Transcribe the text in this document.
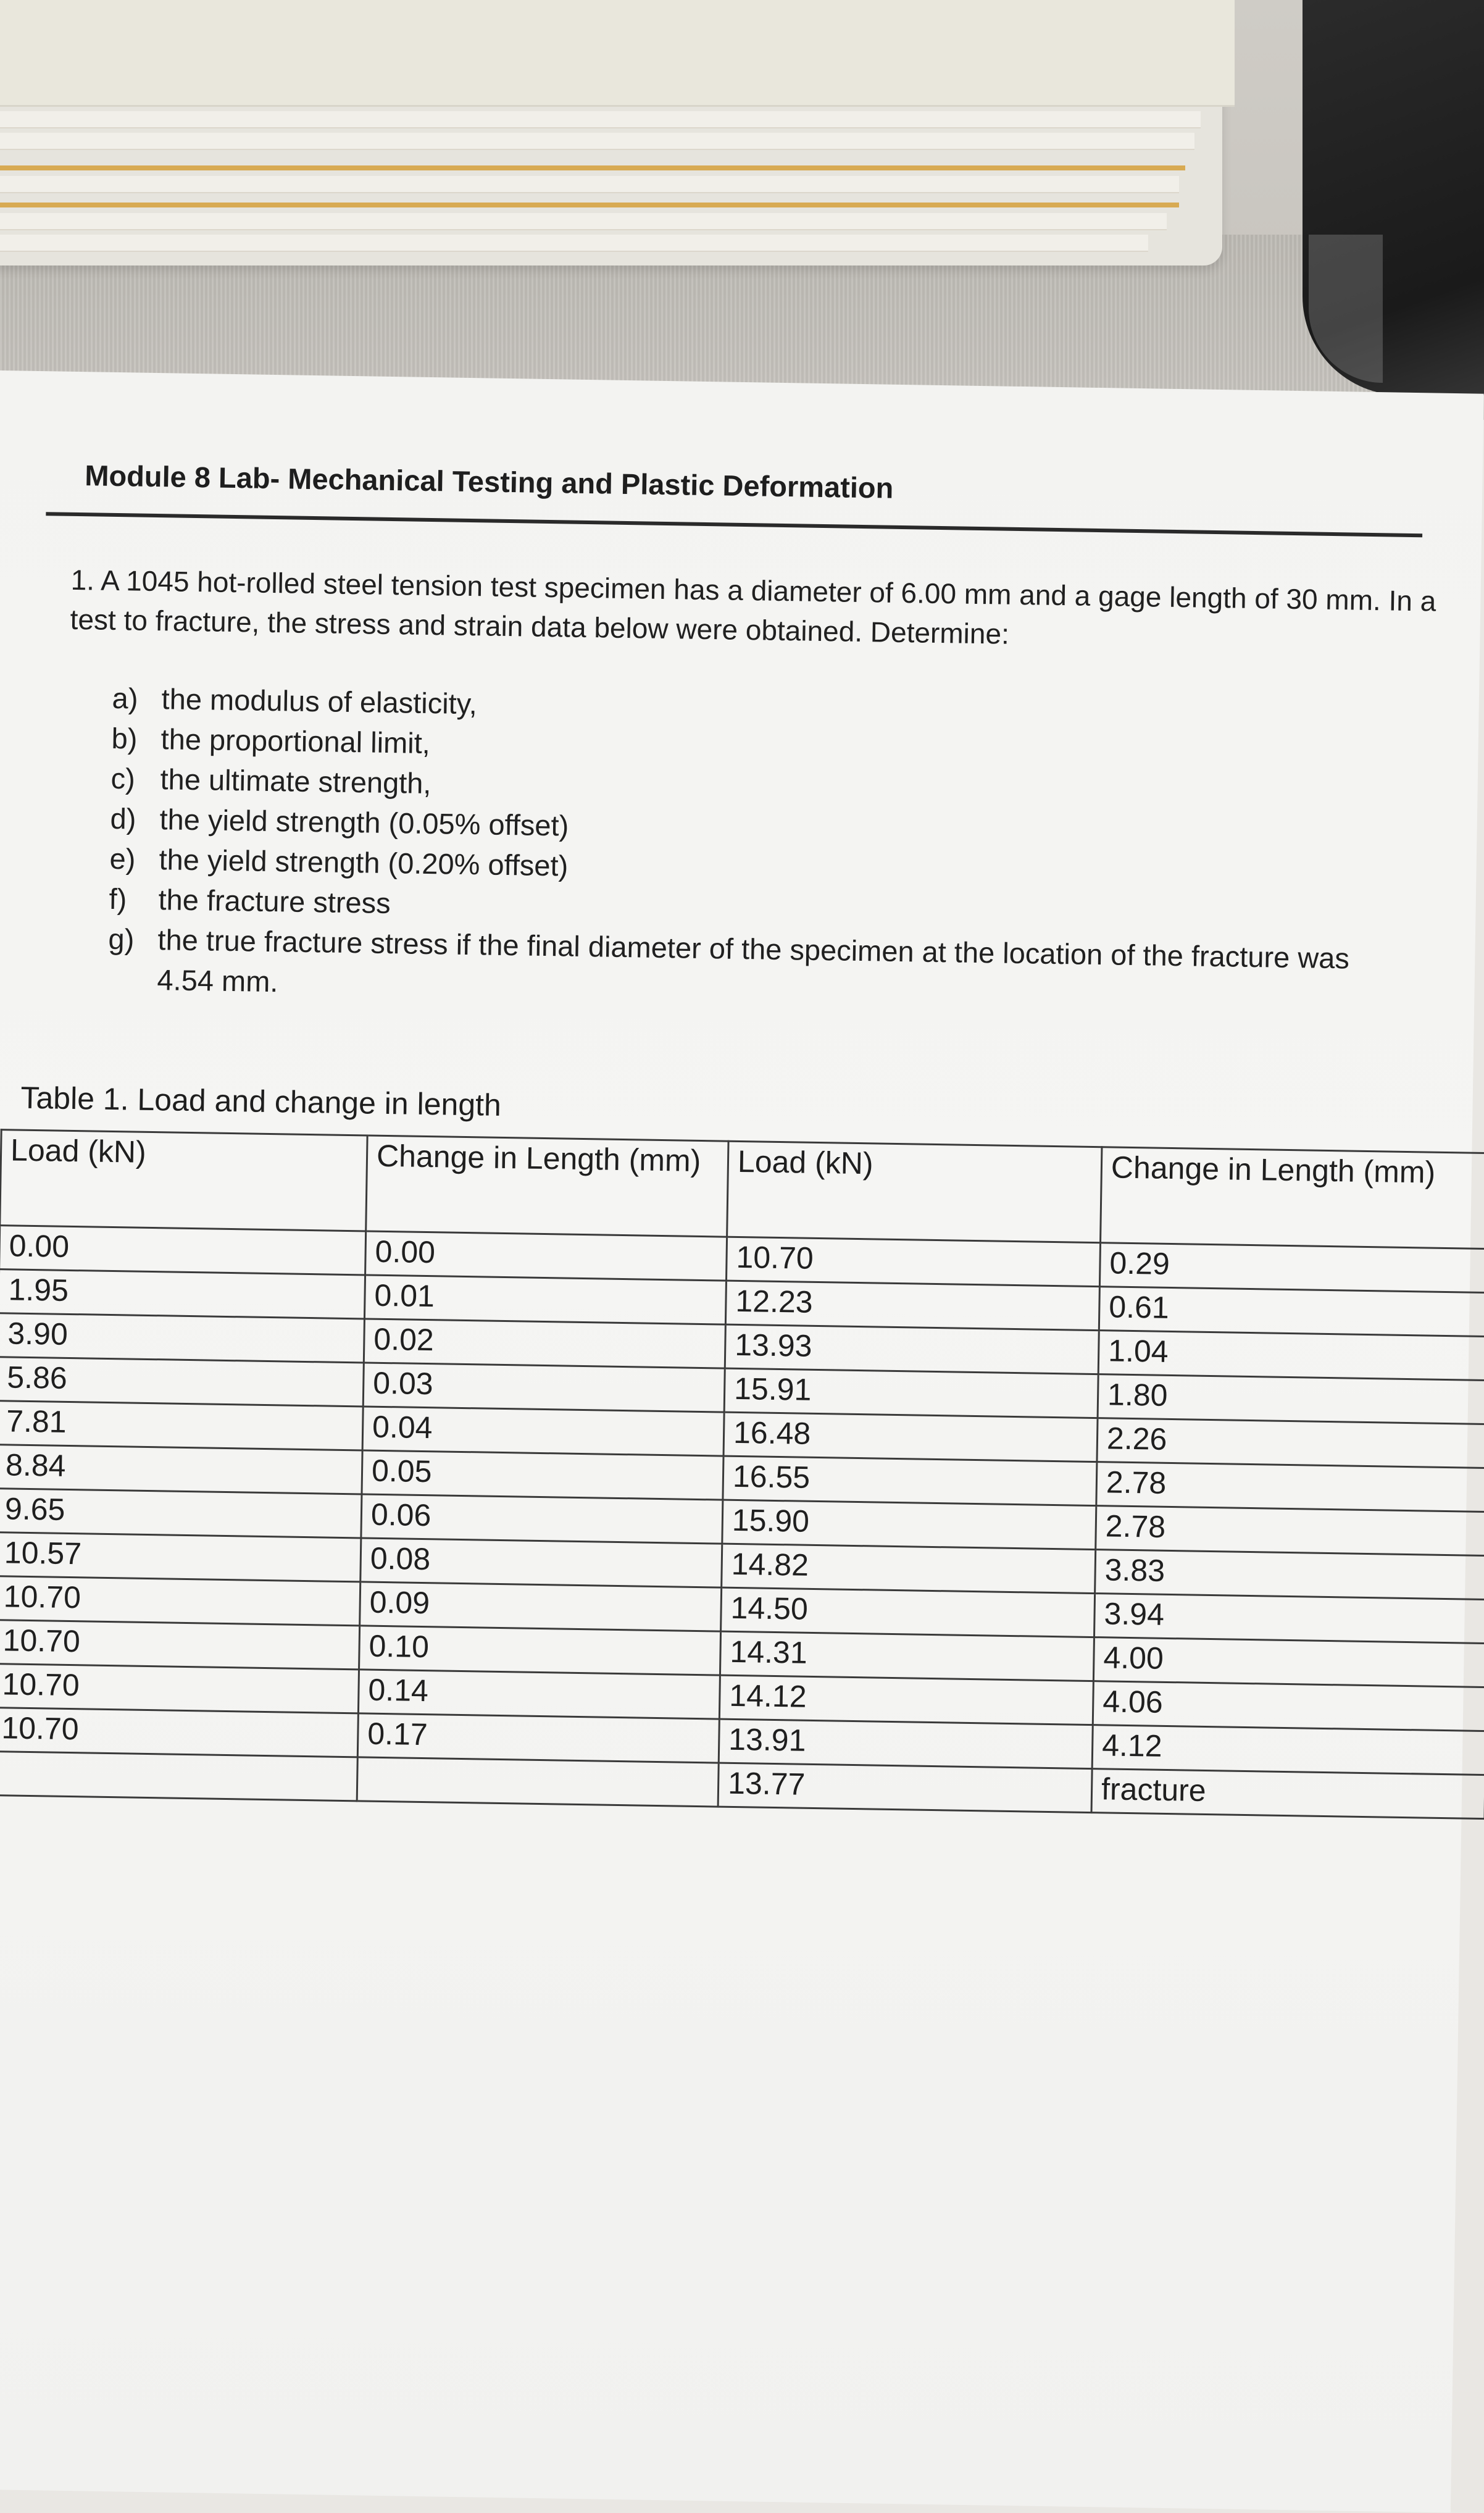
Module 8 Lab- Mechanical Testing and Plastic Deformation
1. A 1045 hot-rolled steel tension test specimen has a diameter of 6.00 mm and a gage length of 30 mm. In a test to fracture, the stress and strain data below were obtained. Determine:
a) the modulus of elasticity,
b) the proportional limit,
c) the ultimate strength,
d) the yield strength (0.05% offset)
e) the yield strength (0.20% offset)
f)	the fracture stress
g) the true fracture stress if the final diameter of the specimen at the location of the fracture was 4.54 mm.
Table 1. Load and change in length
Load (kN)	Change in Length (mm)	Load (kN)	Change in Length (mm)
0.00	0.00	10.70	0.29
1.95	0.01	12.23	0.61
3.90	0.02	13.93	1.04
5.86	0.03	15.91	1.80
7.81	0.04	16.48	2.26
8.84	0.05	16.55	2.78
9.65	0.06	15.90	2.78
10.57	0.08	14.82	3.83
10.70	0.09	14.50	3.94
10.70	0.10	14.31	4.00
10.70	0.14	14.12	4.06
10.70	0.17	13.91	4.12
		13.77	fracture
